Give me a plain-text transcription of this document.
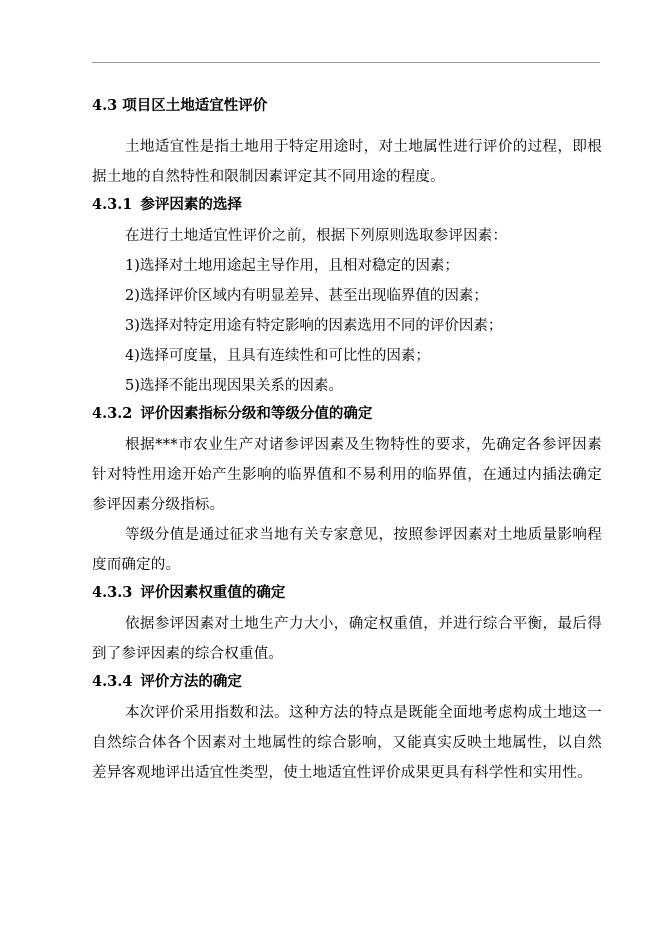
4.3 项目区土地适宜性评价

土地适宜性是指土地用于特定用途时，对土地属性进行评价的过程，即根据土地的自然特性和限制因素评定其不同用途的程度。

4.3.1 参评因素的选择

在进行土地适宜性评价之前，根据下列原则选取参评因素：

1)选择对土地用途起主导作用，且相对稳定的因素；

2)选择评价区域内有明显差异、甚至出现临界值的因素；

3)选择对特定用途有特定影响的因素选用不同的评价因素；

4)选择可度量，且具有连续性和可比性的因素；

5)选择不能出现因果关系的因素。

4.3.2 评价因素指标分级和等级分值的确定

根据***市农业生产对诸参评因素及生物特性的要求，先确定各参评因素针对特性用途开始产生影响的临界值和不易利用的临界值，在通过内插法确定参评因素分级指标。

等级分值是通过征求当地有关专家意见，按照参评因素对土地质量影响程度而确定的。

4.3.3 评价因素权重值的确定

依据参评因素对土地生产力大小，确定权重值，并进行综合平衡，最后得到了参评因素的综合权重值。

4.3.4 评价方法的确定

本次评价采用指数和法。这种方法的特点是既能全面地考虑构成土地这一自然综合体各个因素对土地属性的综合影响，又能真实反映土地属性，以自然差异客观地评出适宜性类型，使土地适宜性评价成果更具有科学性和实用性。
